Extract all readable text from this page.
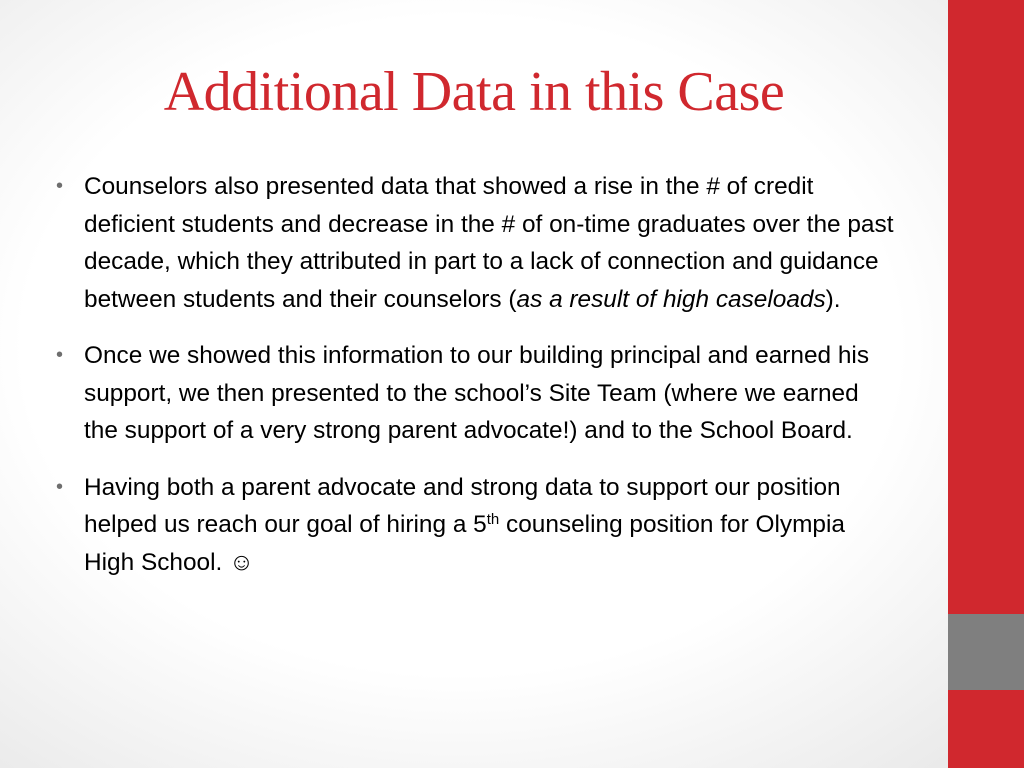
Additional Data in this Case
• Counselors also presented data that showed a rise in the # of credit deficient students and decrease in the # of on-time graduates over the past decade, which they attributed in part to a lack of connection and guidance between students and their counselors (as a result of high caseloads).
• Once we showed this information to our building principal and earned his support, we then presented to the school’s Site Team (where we earned the support of a very strong parent advocate!) and to the School Board.
• Having both a parent advocate and strong data to support our position helped us reach our goal of hiring a 5th counseling position for Olympia High School. ☺
